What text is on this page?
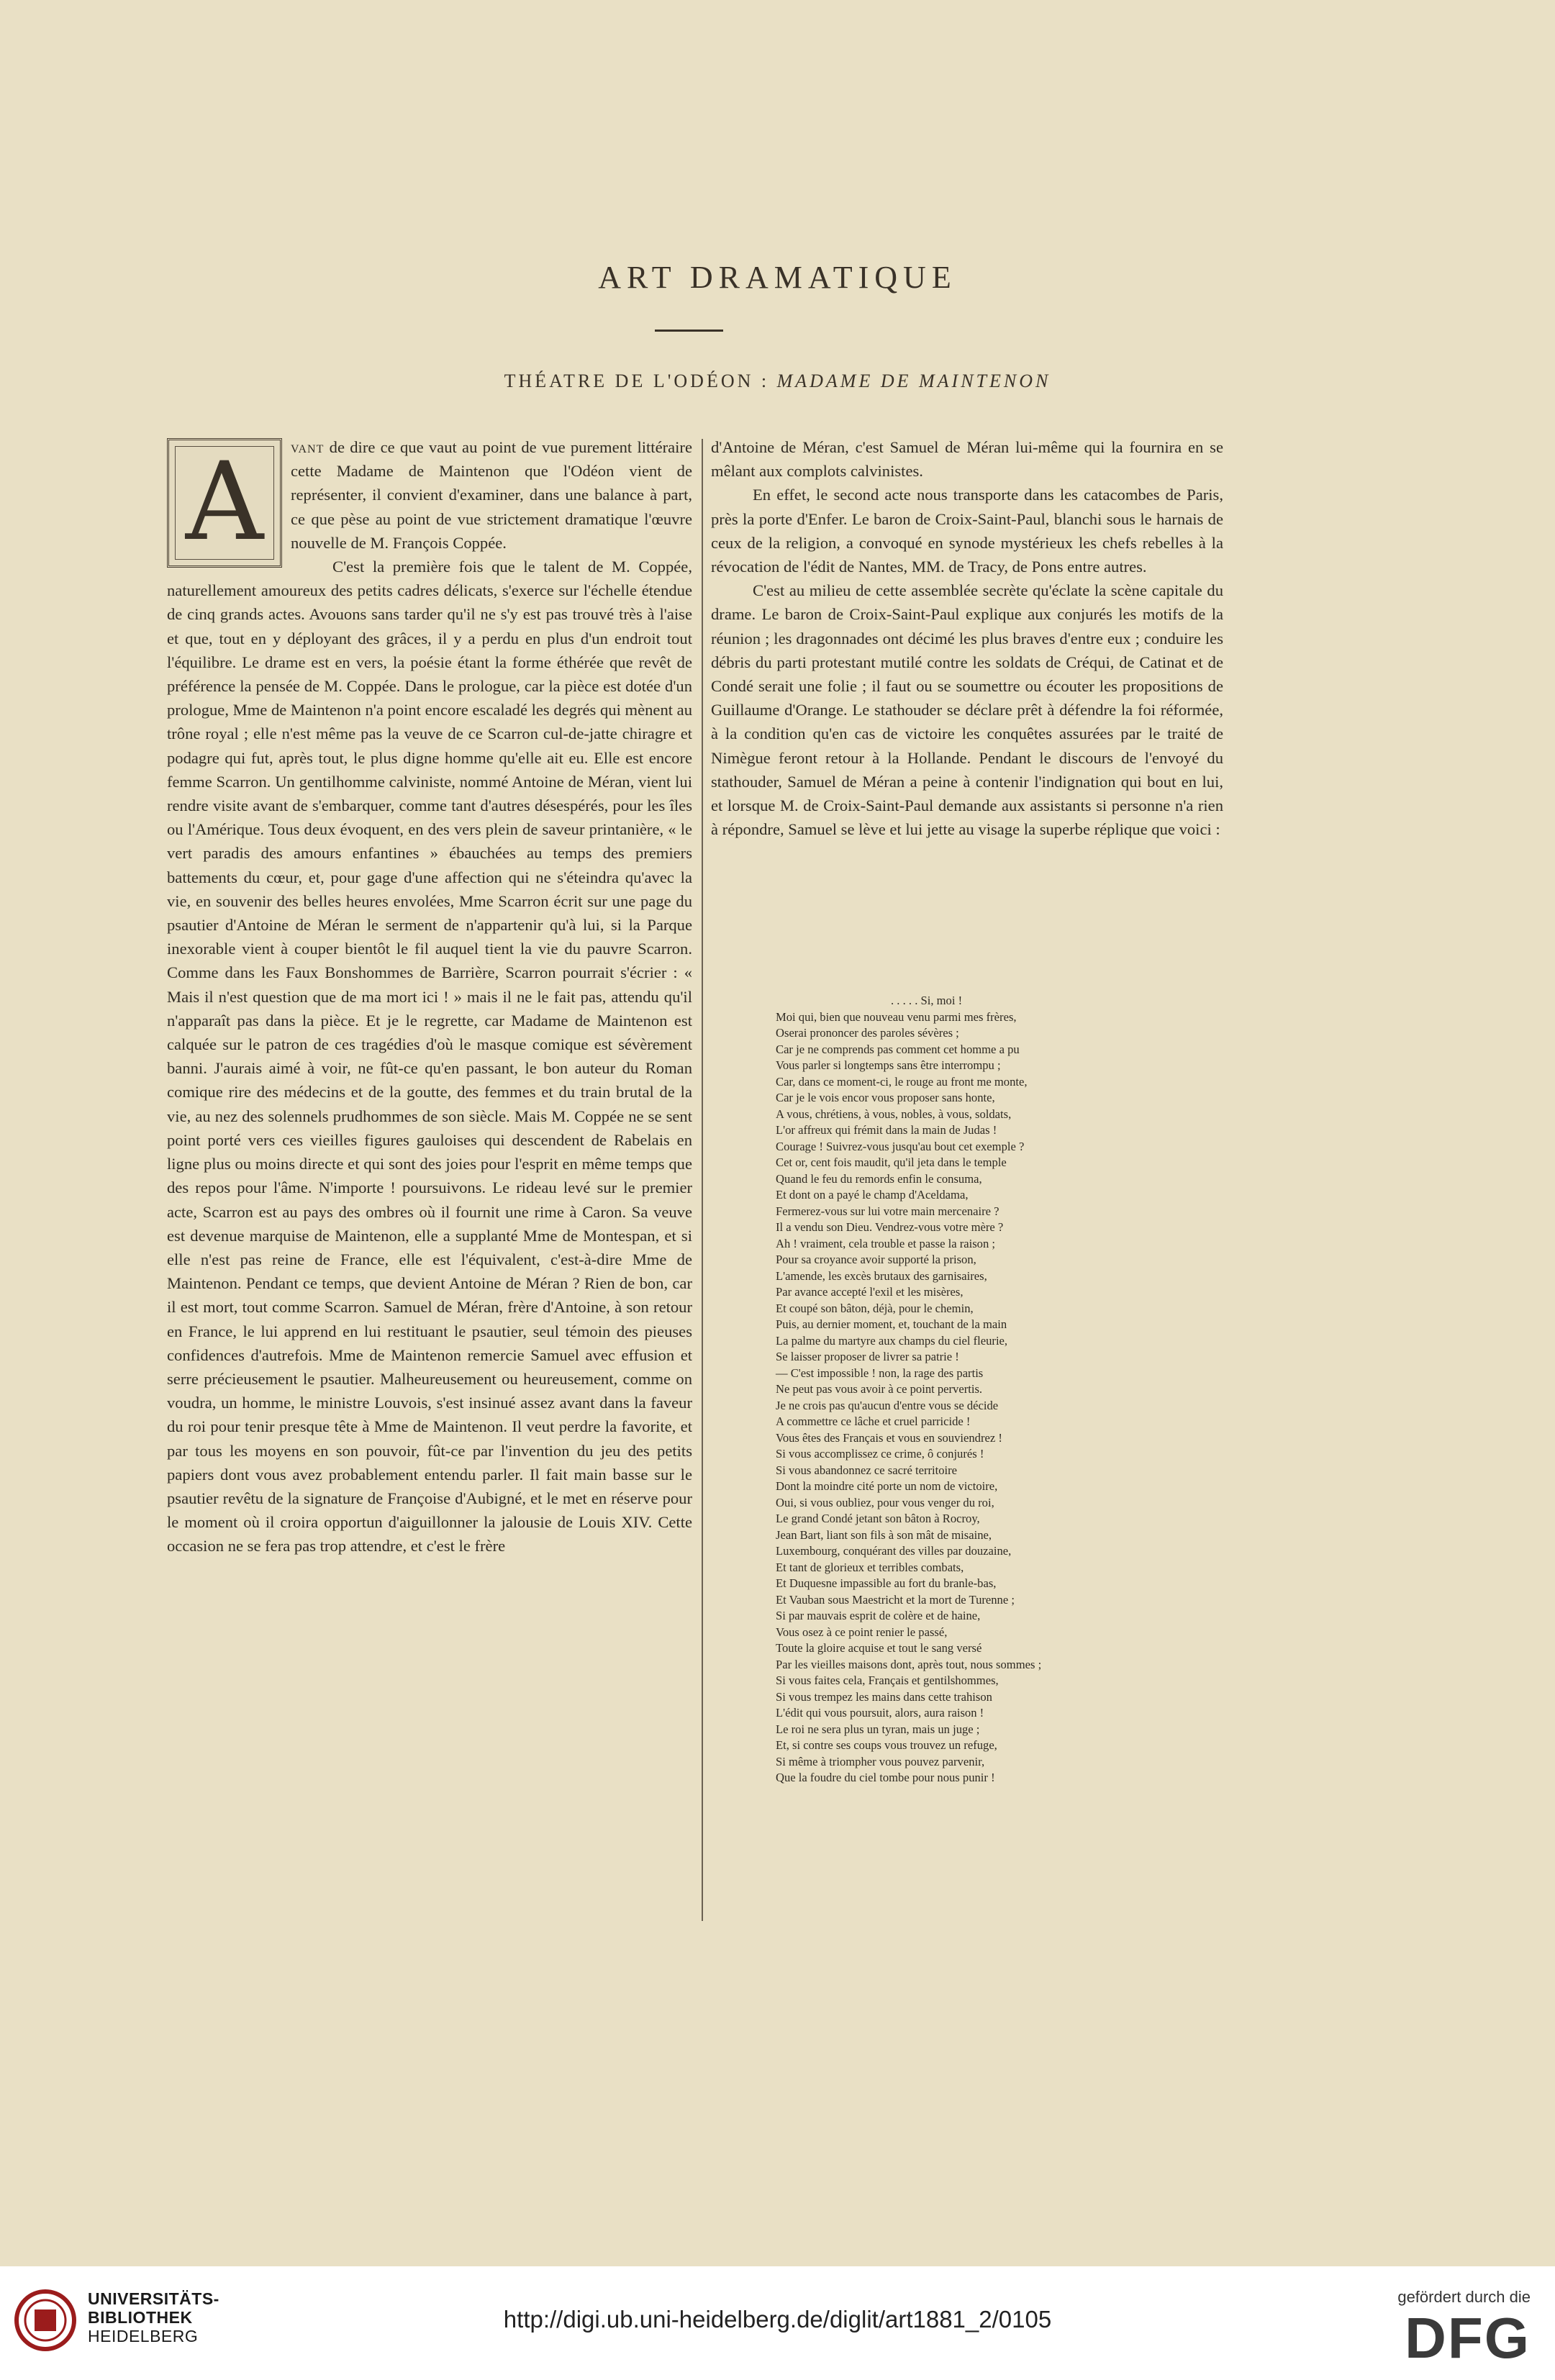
ART DRAMATIQUE
THÉATRE DE L'ODÉON : MADAME DE MAINTENON

A	vant de dire ce que vaut au point de vue purement littéraire cette Madame de Maintenon que l'Odéon vient de représenter, il convient d'examiner, dans une balance à part, ce que pèse au point de vue strictement dramatique l'œuvre nouvelle de M. François Coppée.

C'est la première fois que le talent de M. Coppée, naturellement amoureux des petits cadres délicats, s'exerce sur l'échelle étendue de cinq grands actes. Avouons sans tarder qu'il ne s'y est pas trouvé très à l'aise et que, tout en y déployant des grâces, il y a perdu en plus d'un endroit tout l'équilibre. Le drame est en vers, la poésie étant la forme éthérée que revêt de préférence la pensée de M. Coppée. Dans le prologue, car la pièce est dotée d'un prologue, Mme de Maintenon n'a point encore escaladé les degrés qui mènent au trône royal ; elle n'est même pas la veuve de ce Scarron cul-de-jatte chiragre et podagre qui fut, après tout, le plus digne homme qu'elle ait eu. Elle est encore femme Scarron. Un gentilhomme calviniste, nommé Antoine de Méran, vient lui rendre visite avant de s'embarquer, comme tant d'autres désespérés, pour les îles ou l'Amérique. Tous deux évoquent, en des vers plein de saveur printanière, « le vert paradis des amours enfantines » ébauchées au temps des premiers battements du cœur, et, pour gage d'une affection qui ne s'éteindra qu'avec la vie, en souvenir des belles heures envolées, Mme Scarron écrit sur une page du psautier d'Antoine de Méran le serment de n'appartenir qu'à lui, si la Parque inexorable vient à couper bientôt le fil auquel tient la vie du pauvre Scarron. Comme dans les Faux Bonshommes de Barrière, Scarron pourrait s'écrier : « Mais il n'est question que de ma mort ici ! » mais il ne le fait pas, attendu qu'il n'apparaît pas dans la pièce. Et je le regrette, car Madame de Maintenon est calquée sur le patron de ces tragédies d'où le masque comique est sévèrement banni. J'aurais aimé à voir, ne fût-ce qu'en passant, le bon auteur du Roman comique rire des médecins et de la goutte, des femmes et du train brutal de la vie, au nez des solennels prudhommes de son siècle. Mais M. Coppée ne se sent point porté vers ces vieilles figures gauloises qui descendent de Rabelais en ligne plus ou moins directe et qui sont des joies pour l'esprit en même temps que des repos pour l'âme. N'importe ! poursuivons. Le rideau levé sur le premier acte, Scarron est au pays des ombres où il fournit une rime à Caron. Sa veuve est devenue marquise de Maintenon, elle a supplanté Mme de Montespan, et si elle n'est pas reine de France, elle est l'équivalent, c'est-à-dire Mme de Maintenon. Pendant ce temps, que devient Antoine de Méran ? Rien de bon, car il est mort, tout comme Scarron. Samuel de Méran, frère d'Antoine, à son retour en France, le lui apprend en lui restituant le psautier, seul témoin des pieuses confidences d'autrefois. Mme de Maintenon remercie Samuel avec effusion et serre précieusement le psautier. Malheureusement ou heureusement, comme on voudra, un homme, le ministre Louvois, s'est insinué assez avant dans la faveur du roi pour tenir presque tête à Mme de Maintenon. Il veut perdre la favorite, et par tous les moyens en son pouvoir, fût-ce par l'invention du jeu des petits papiers dont vous avez probablement entendu parler. Il fait main basse sur le psautier revêtu de la signature de Françoise d'Aubigné, et le met en réserve pour le moment où il croira opportun d'aiguillonner la jalousie de Louis XIV. Cette occasion ne se fera pas trop attendre, et c'est le frère

d'Antoine de Méran, c'est Samuel de Méran lui-même qui la fournira en se mêlant aux complots calvinistes.

En effet, le second acte nous transporte dans les catacombes de Paris, près la porte d'Enfer. Le baron de Croix-Saint-Paul, blanchi sous le harnais de ceux de la religion, a convoqué en synode mystérieux les chefs rebelles à la révocation de l'édit de Nantes, MM. de Tracy, de Pons entre autres.

C'est au milieu de cette assemblée secrète qu'éclate la scène capitale du drame. Le baron de Croix-Saint-Paul explique aux conjurés les motifs de la réunion ; les dragonnades ont décimé les plus braves d'entre eux ; conduire les débris du parti protestant mutilé contre les soldats de Créqui, de Catinat et de Condé serait une folie ; il faut ou se soumettre ou écouter les propositions de Guillaume d'Orange. Le stathouder se déclare prêt à défendre la foi réformée, à la condition qu'en cas de victoire les conquêtes assurées par le traité de Nimègue feront retour à la Hollande. Pendant le discours de l'envoyé du stathouder, Samuel de Méran a peine à contenir l'indignation qui bout en lui, et lorsque M. de Croix-Saint-Paul demande aux assistants si personne n'a rien à répondre, Samuel se lève et lui jette au visage la superbe réplique que voici :

. . . . . Si, moi !
Moi qui, bien que nouveau venu parmi mes frères,
Oserai prononcer des paroles sévères ;
Car je ne comprends pas comment cet homme a pu
Vous parler si longtemps sans être interrompu ;
Car, dans ce moment-ci, le rouge au front me monte,
Car je le vois encor vous proposer sans honte,
A vous, chrétiens, à vous, nobles, à vous, soldats,
L'or affreux qui frémit dans la main de Judas !
Courage ! Suivrez-vous jusqu'au bout cet exemple ?
Cet or, cent fois maudit, qu'il jeta dans le temple
Quand le feu du remords enfin le consuma,
Et dont on a payé le champ d'Aceldama,
Fermerez-vous sur lui votre main mercenaire ?
Il a vendu son Dieu. Vendrez-vous votre mère ?
Ah ! vraiment, cela trouble et passe la raison ;
Pour sa croyance avoir supporté la prison,
L'amende, les excès brutaux des garnisaires,
Par avance accepté l'exil et les misères,
Et coupé son bâton, déjà, pour le chemin,
Puis, au dernier moment, et, touchant de la main
La palme du martyre aux champs du ciel fleurie,
Se laisser proposer de livrer sa patrie !
— C'est impossible ! non, la rage des partis
Ne peut pas vous avoir à ce point pervertis.
Je ne crois pas qu'aucun d'entre vous se décide
A commettre ce lâche et cruel parricide !
Vous êtes des Français et vous en souviendrez !
Si vous accomplissez ce crime, ô conjurés !
Si vous abandonnez ce sacré territoire
Dont la moindre cité porte un nom de victoire,
Oui, si vous oubliez, pour vous venger du roi,
Le grand Condé jetant son bâton à Rocroy,
Jean Bart, liant son fils à son mât de misaine,
Luxembourg, conquérant des villes par douzaine,
Et tant de glorieux et terribles combats,
Et Duquesne impassible au fort du branle-bas,
Et Vauban sous Maestricht et la mort de Turenne ;
Si par mauvais esprit de colère et de haine,
Vous osez à ce point renier le passé,
Toute la gloire acquise et tout le sang versé
Par les vieilles maisons dont, après tout, nous sommes ;
Si vous faites cela, Français et gentilshommes,
Si vous trempez les mains dans cette trahison
L'édit qui vous poursuit, alors, aura raison !
Le roi ne sera plus un tyran, mais un juge ;
Et, si contre ses coups vous trouvez un refuge,
Si même à triompher vous pouvez parvenir,
Que la foudre du ciel tombe pour nous punir !
UNIVERSITÄTS-
BIBLIOTHEK
HEIDELBERG
http://digi.ub.uni-heidelberg.de/diglit/art1881_2/0105
gefördert durch die
DFG
